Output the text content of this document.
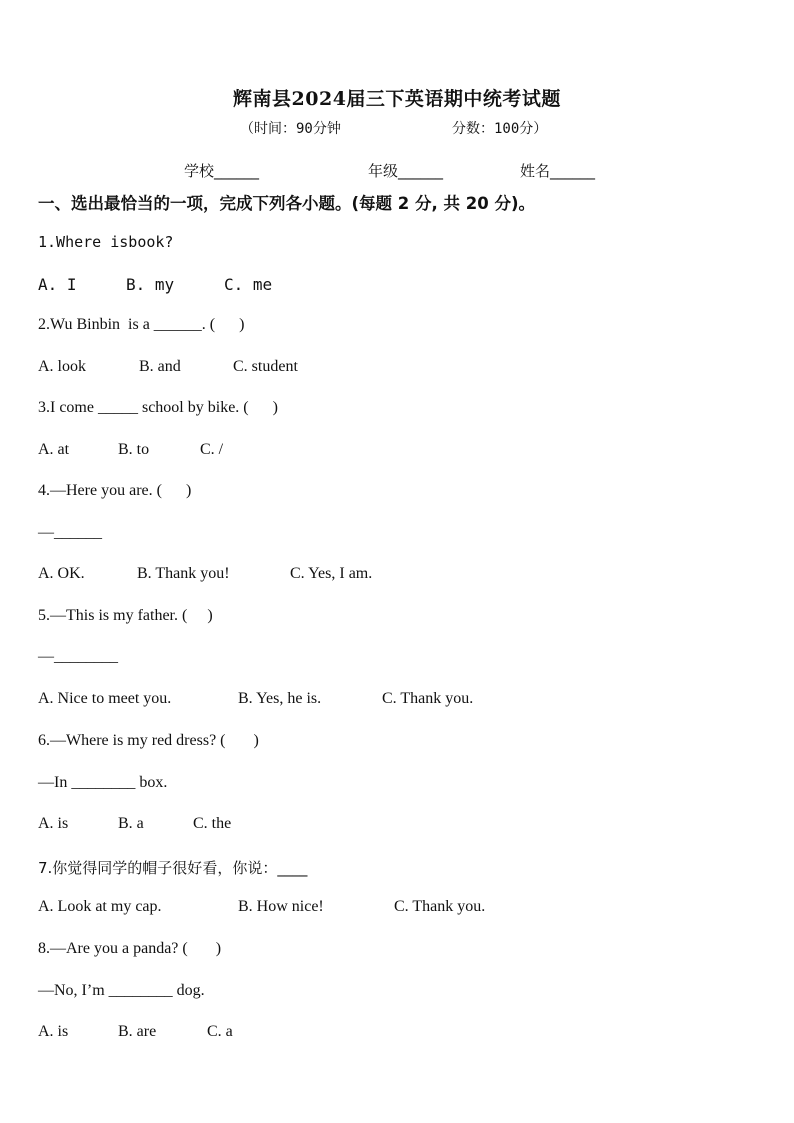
辉南县2024届三下英语期中统考试题
（时间：90分钟	分数：100分）
学校______	年级______	姓名______
一、选出最恰当的一项，完成下列各小题。(每题 2 分, 共 20 分)。
1.Where isbook?
A. I	B. my	C. me
2.Wu Binbin  is a ______. (      )
A. look	B. and	C. student
3.I come _____ school by bike. (      )
A. at	B. to	C. /
4.—Here you are. (      )
—______
A. OK.	B. Thank you!	C. Yes, I am.
5.—This is my father. (     )
—________
A. Nice to meet you.	B. Yes, he is.	C. Thank you.
6.—Where is my red dress? (       )
—In ________ box.
A. is	B. a	C. the
7.你觉得同学的帽子很好看，你说：____
A. Look at my cap.	B. How nice!	C. Thank you.
8.—Are you a panda? (       )
—No, I’m ________ dog.
A. is	B. are	C. a
